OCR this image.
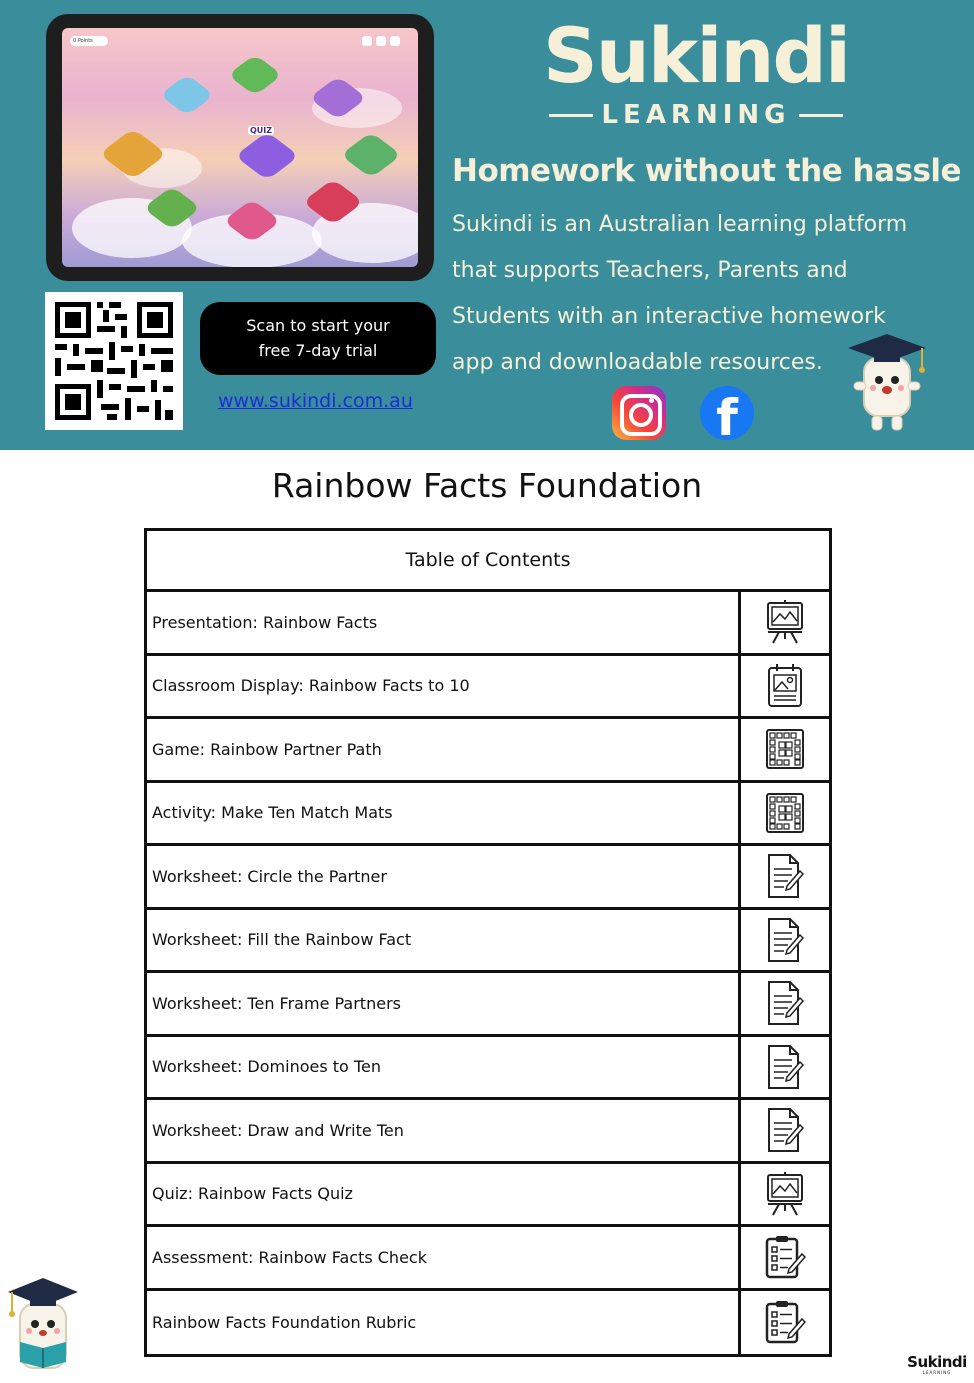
QUIZ
0 Points
Scan to start your
free 7-day trial
www.sukindi.com.au
Sukindi
LEARNING
Homework without the hassle
Sukindi is an Australian learning platform
that supports Teachers, Parents and
Students with an interactive homework
app and downloadable resources.
f
Rainbow Facts Foundation
Table of Contents
Presentation: Rainbow Facts
Classroom Display: Rainbow Facts to 10
Game: Rainbow Partner Path
Activity: Make Ten Match Mats
Worksheet: Circle the Partner
Worksheet: Fill the Rainbow Fact
Worksheet: Ten Frame Partners
Worksheet: Dominoes to Ten
Worksheet: Draw and Write Ten
Quiz: Rainbow Facts Quiz
Assessment: Rainbow Facts Check
Rainbow Facts Foundation Rubric
Sukindi
LEARNING
